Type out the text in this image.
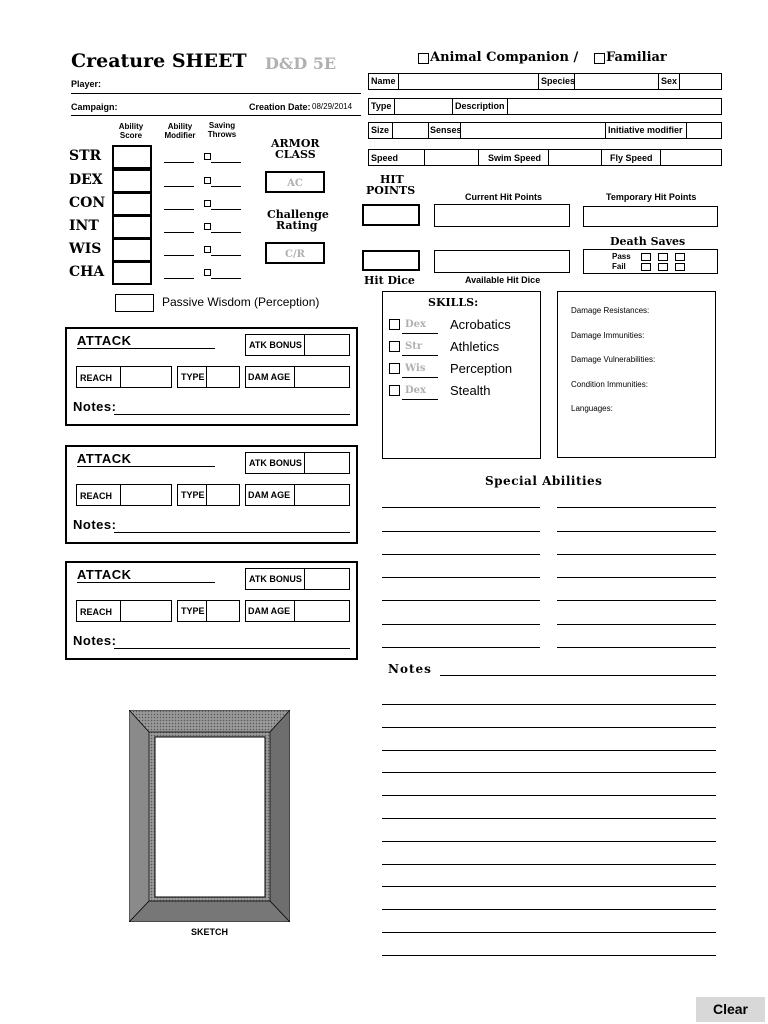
Creature SHEET D&D 5E
Player:
Campaign:	Creation Date: 08/29/2014
Animal Companion / Familiar
Name	Species	Sex
Type	Description
Size	Senses	Initiative modifier
Speed	Swim Speed	Fly Speed
Ability Score
Ability Modifier
Saving Throws
STR
DEX
CON
INT
WIS
CHA
ARMOR
CLASS
AC
Challenge
Rating
C/R
Passive Wisdom (Perception)
HIT
POINTS	Current Hit Points	Temporary Hit Points
Hit Dice	Available Hit Dice
Death Saves
Pass
Fail
ATTACK	ATK BONUS
REACH	TYPE	DAM AGE
Notes:
ATTACK	ATK BONUS
REACH	TYPE	DAM AGE
Notes:
ATTACK	ATK BONUS
REACH	TYPE	DAM AGE
Notes:
SKILLS:
Dex Acrobatics
Str Athletics
Wis Perception
Dex Stealth
Damage Resistances:
Damage Immunities:
Damage Vulnerabilities:
Condition Immunities:
Languages:
Special Abilities
Notes
SKETCH
Clear
